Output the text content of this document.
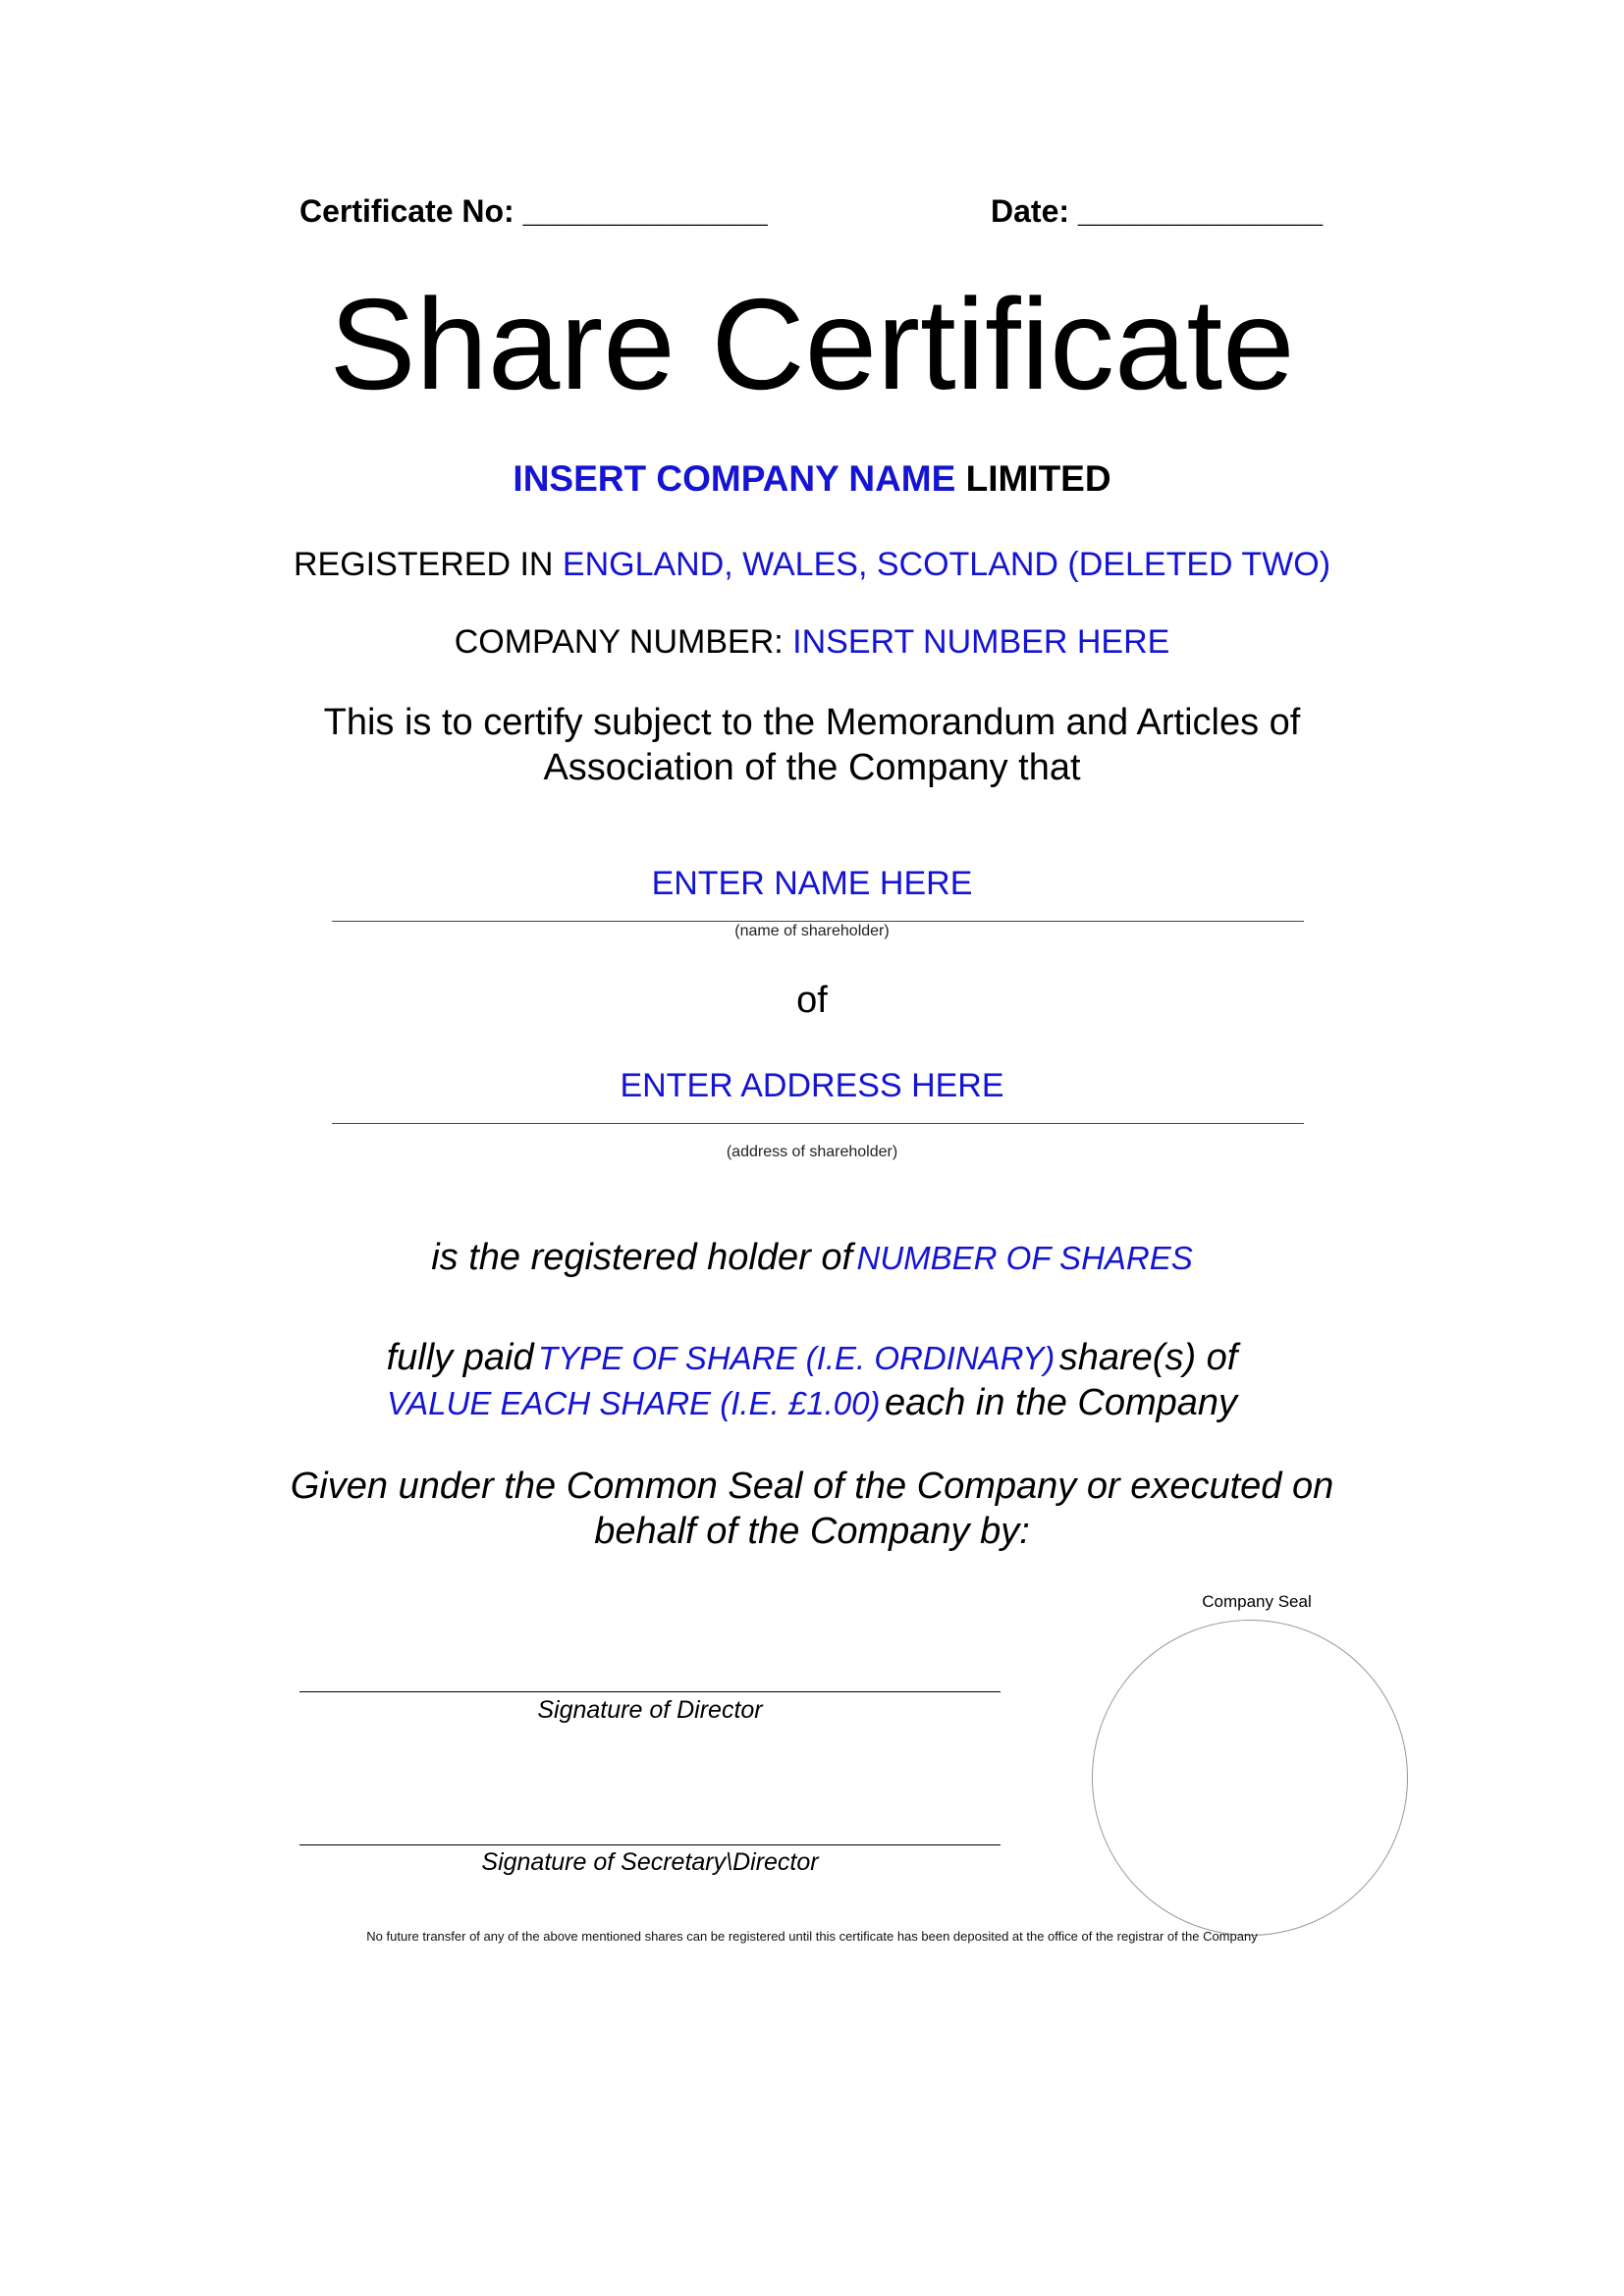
Certificate No: ______________	Date: ______________
Share Certificate
INSERT COMPANY NAME LIMITED
REGISTERED IN ENGLAND, WALES, SCOTLAND (DELETED TWO)
COMPANY NUMBER: INSERT NUMBER HERE
This is to certify subject to the Memorandum and Articles of
Association of the Company that
ENTER NAME HERE
(name of shareholder)
of
ENTER ADDRESS HERE
(address of shareholder)
is the registered holder of NUMBER OF SHARES
fully paid TYPE OF SHARE (I.E. ORDINARY) share(s) of
VALUE EACH SHARE (I.E. £1.00) each in the Company
Given under the Common Seal of the Company or executed on
behalf of the Company by:
Signature of Director
Signature of Secretary\Director
Company Seal
No future transfer of any of the above mentioned shares can be registered until this certificate has been deposited at the office of the registrar of the Company
